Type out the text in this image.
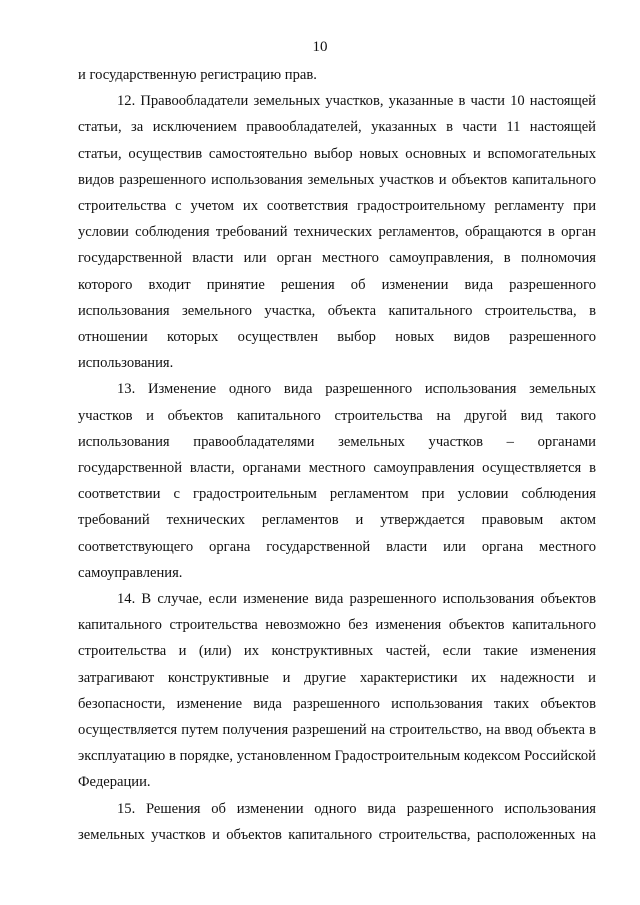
10

и государственную регистрацию прав.

12. Правообладатели земельных участков, указанные в части 10 настоящей статьи, за исключением правообладателей, указанных в части 11 настоящей статьи, осуществив самостоятельно выбор новых основных и вспомогательных видов разрешенного использования земельных участков и объектов капитального строительства с учетом их соответствия градостроительному регламенту при условии соблюдения требований технических регламентов, обращаются в орган государственной власти или орган местного самоуправления, в полномочия которого входит принятие решения об изменении вида разрешенного использования земельного участка, объекта капитального строительства, в отношении которых осуществлен выбор новых видов разрешенного использования.

13. Изменение одного вида разрешенного использования земельных участков и объектов капитального строительства на другой вид такого использования правообладателями земельных участков – органами государственной власти, органами местного самоуправления осуществляется в соответствии с градостроительным регламентом при условии соблюдения требований технических регламентов и утверждается правовым актом соответствующего органа государственной власти или органа местного самоуправления.

14. В случае, если изменение вида разрешенного использования объектов капитального строительства невозможно без изменения объектов капитального строительства и (или) их конструктивных частей, если такие изменения затрагивают конструктивные и другие характеристики их надежности и безопасности, изменение вида разрешенного использования таких объектов осуществляется путем получения разрешений на строительство, на ввод объекта в эксплуатацию в порядке, установленном Градостроительным кодексом Российской Федерации.

15. Решения об изменении одного вида разрешенного использования земельных участков и объектов капитального строительства, расположенных на
